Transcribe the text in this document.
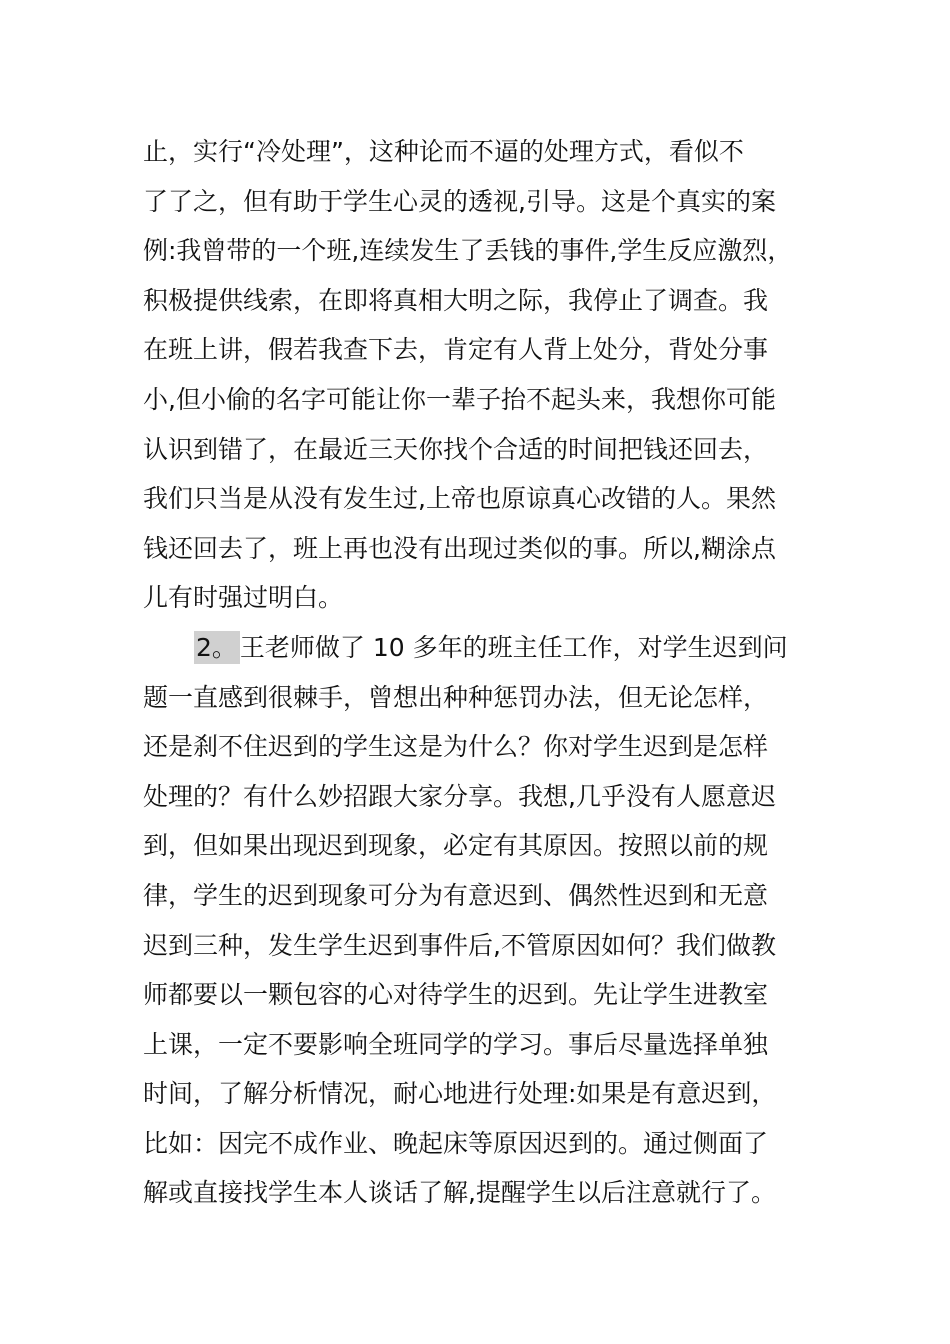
止，实行“冷处理”，这种论而不逼的处理方式，看似不
了了之，但有助于学生心灵的透视,引导。这是个真实的案
例:我曾带的一个班,连续发生了丢钱的事件,学生反应激烈，
积极提供线索，在即将真相大明之际，我停止了调查。我
在班上讲，假若我查下去，肯定有人背上处分，背处分事
小,但小偷的名字可能让你一辈子抬不起头来，我想你可能
认识到错了，在最近三天你找个合适的时间把钱还回去，
我们只当是从没有发生过,上帝也原谅真心改错的人。果然
钱还回去了，班上再也没有出现过类似的事。所以,糊涂点
儿有时强过明白。
2。 王老师做了 10 多年的班主任工作，对学生迟到问
题一直感到很棘手，曾想出种种惩罚办法，但无论怎样，
还是刹不住迟到的学生这是为什么？你对学生迟到是怎样
处理的？有什么妙招跟大家分享。我想,几乎没有人愿意迟
到，但如果出现迟到现象，必定有其原因。按照以前的规
律，学生的迟到现象可分为有意迟到、偶然性迟到和无意
迟到三种，发生学生迟到事件后,不管原因如何？我们做教
师都要以一颗包容的心对待学生的迟到。先让学生进教室
上课，一定不要影响全班同学的学习。事后尽量选择单独
时间，了解分析情况，耐心地进行处理:如果是有意迟到，
比如：因完不成作业、晚起床等原因迟到的。通过侧面了
解或直接找学生本人谈话了解,提醒学生以后注意就行了。
